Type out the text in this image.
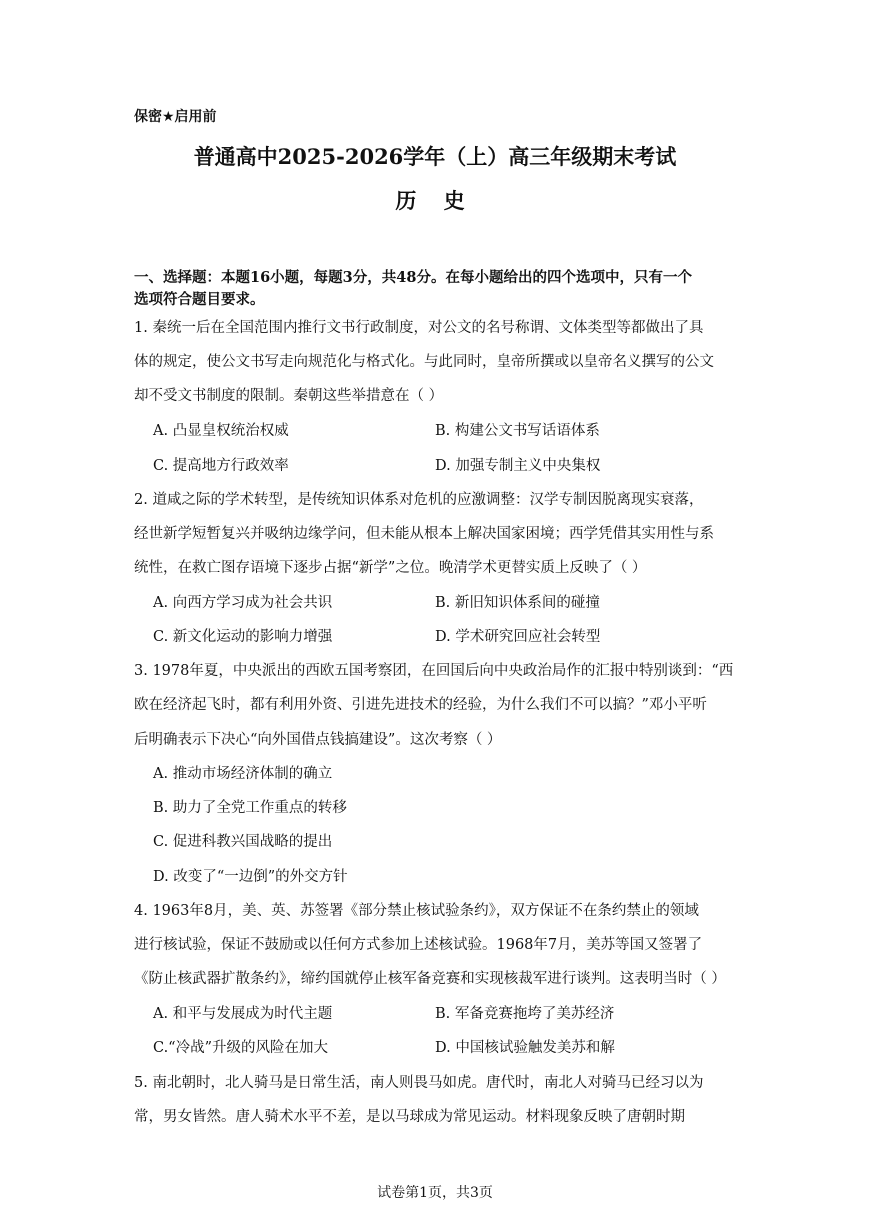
保密★启用前
普通高中2025-2026学年（上）高三年级期末考试
历 史
一、选择题：本题16小题，每题3分，共48分。在每小题给出的四个选项中，只有一个
选项符合题目要求。
1. 秦统一后在全国范围内推行文书行政制度，对公文的名号称谓、文体类型等都做出了具
体的规定，使公文书写走向规范化与格式化。与此同时，皇帝所撰或以皇帝名义撰写的公文
却不受文书制度的限制。秦朝这些举措意在（ ）
A. 凸显皇权统治权威	B. 构建公文书写话语体系
C. 提高地方行政效率	D. 加强专制主义中央集权
2. 道咸之际的学术转型，是传统知识体系对危机的应激调整：汉学专制因脱离现实衰落，
经世新学短暂复兴并吸纳边缘学问，但未能从根本上解决国家困境；西学凭借其实用性与系
统性，在救亡图存语境下逐步占据“新学”之位。晚清学术更替实质上反映了（ ）
A. 向西方学习成为社会共识	B. 新旧知识体系间的碰撞
C. 新文化运动的影响力增强	D. 学术研究回应社会转型
3. 1978年夏，中央派出的西欧五国考察团，在回国后向中央政治局作的汇报中特别谈到：“西
欧在经济起飞时，都有利用外资、引进先进技术的经验，为什么我们不可以搞？”邓小平听
后明确表示下决心“向外国借点钱搞建设”。这次考察（ ）
A. 推动市场经济体制的确立
B. 助力了全党工作重点的转移
C. 促进科教兴国战略的提出
D. 改变了“一边倒”的外交方针
4. 1963年8月，美、英、苏签署《部分禁止核试验条约》，双方保证不在条约禁止的领域
进行核试验，保证不鼓励或以任何方式参加上述核试验。1968年7月，美苏等国又签署了
《防止核武器扩散条约》，缔约国就停止核军备竞赛和实现核裁军进行谈判。这表明当时（ ）
A. 和平与发展成为时代主题	B. 军备竞赛拖垮了美苏经济
C.“冷战”升级的风险在加大	D. 中国核试验触发美苏和解
5. 南北朝时，北人骑马是日常生活，南人则畏马如虎。唐代时，南北人对骑马已经习以为
常，男女皆然。唐人骑术水平不差，是以马球成为常见运动。材料现象反映了唐朝时期
试卷第1页，共3页
